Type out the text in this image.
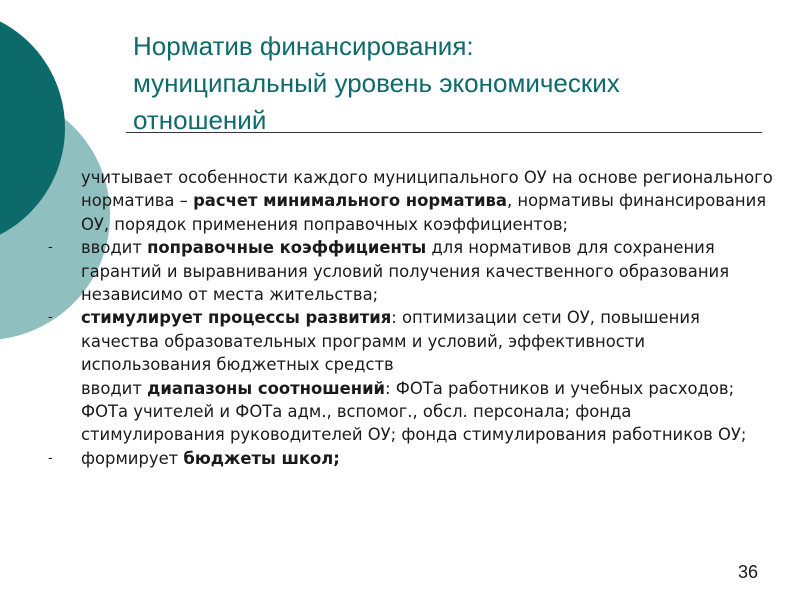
Норматив финансирования:
муниципальный уровень экономических
отношений
учитывает особенности каждого муниципального ОУ на основе регионального норматива – расчет минимального норматива, нормативы финансирования ОУ, порядок применения поправочных коэффициентов;
-	вводит поправочные коэффициенты для нормативов для сохранения гарантий и выравнивания условий получения качественного образования независимо от места жительства;
-	стимулирует процессы развития: оптимизации сети ОУ, повышения качества образовательных программ и условий, эффективности использования бюджетных средств
вводит диапазоны соотношений: ФОТа работников и учебных расходов; ФОТа учителей и ФОТа адм., вспомог., обсл. персонала; фонда стимулирования руководителей ОУ; фонда стимулирования работников ОУ;
-	формирует бюджеты школ;
36
